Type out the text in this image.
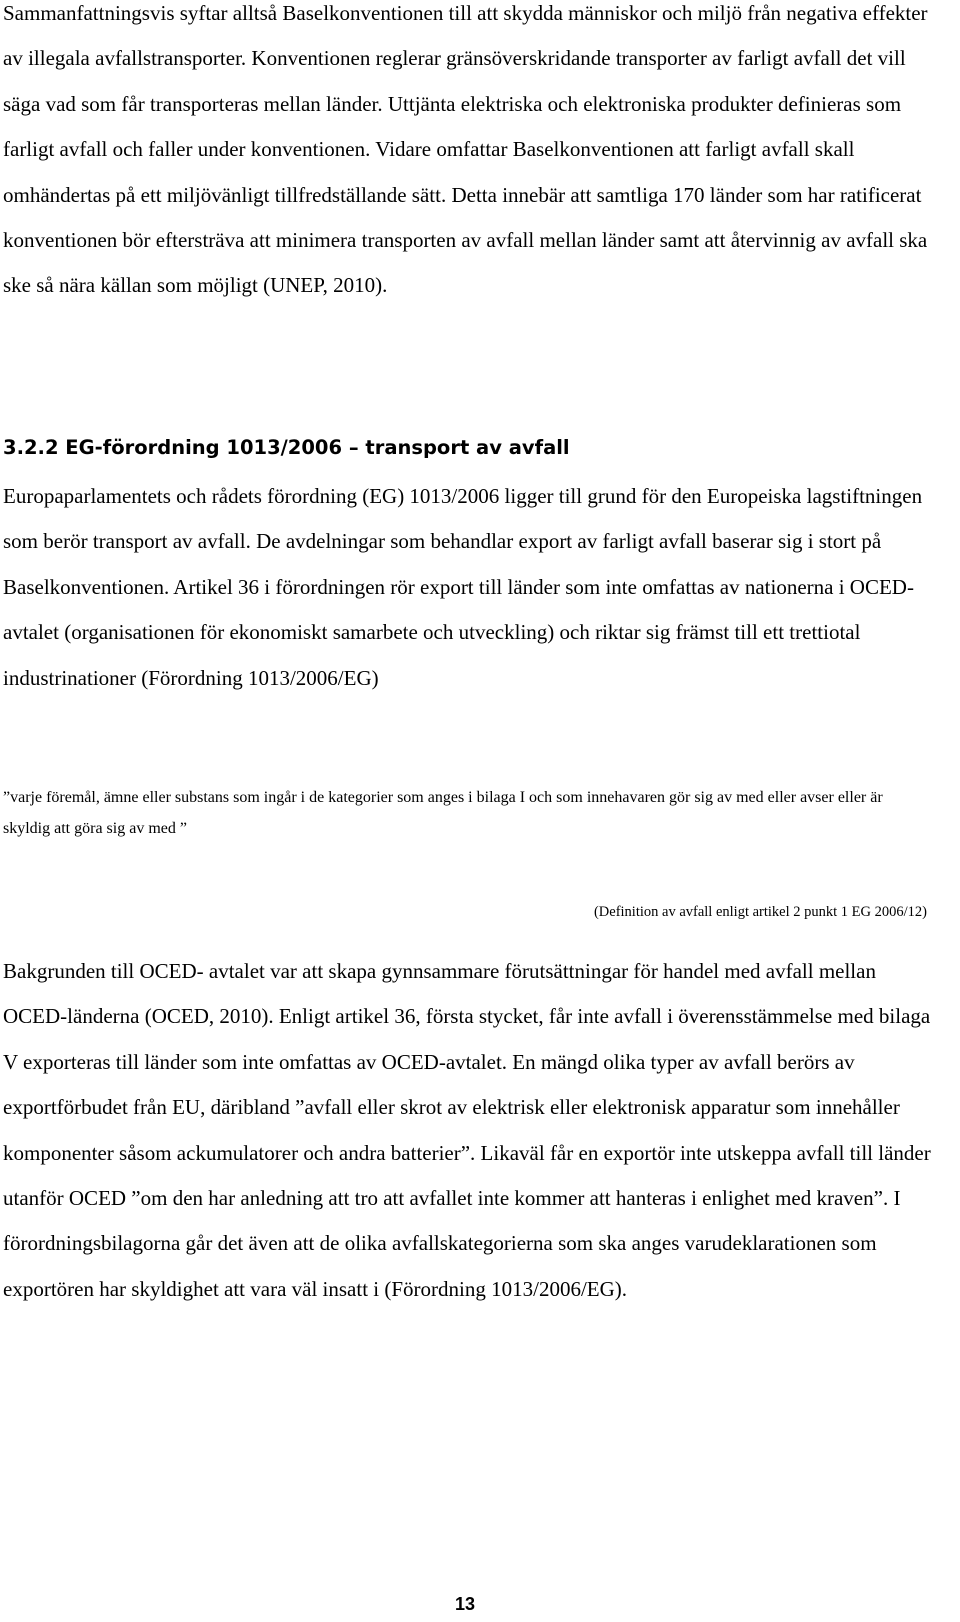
Sammanfattningsvis syftar alltså Baselkonventionen till att skydda människor och miljö från negativa effekter av illegala avfallstransporter. Konventionen reglerar gränsöverskridande transporter av farligt avfall det vill säga vad som får transporteras mellan länder. Uttjänta elektriska och elektroniska produkter definieras som farligt avfall och faller under konventionen. Vidare omfattar Baselkonventionen att farligt avfall skall omhändertas på ett miljövänligt tillfredställande sätt. Detta innebär att samtliga 170 länder som har ratificerat konventionen bör eftersträva att minimera transporten av avfall mellan länder samt att återvinnig av avfall ska ske så nära källan som möjligt (UNEP, 2010).

3.2.2 EG-förordning 1013/2006 – transport av avfall

Europaparlamentets och rådets förordning (EG) 1013/2006 ligger till grund för den Europeiska lagstiftningen som berör transport av avfall. De avdelningar som behandlar export av farligt avfall baserar sig i stort på Baselkonventionen. Artikel 36 i förordningen rör export till länder som inte omfattas av nationerna i OCED- avtalet (organisationen för ekonomiskt samarbete och utveckling) och riktar sig främst till ett trettiotal industrinationer (Förordning 1013/2006/EG)

”varje föremål, ämne eller substans som ingår i de kategorier som anges i bilaga I och som innehavaren gör sig av med eller avser eller är skyldig att göra sig av med ”

(Definition av avfall enligt artikel 2 punkt 1 EG 2006/12)

Bakgrunden till OCED- avtalet var att skapa gynnsammare förutsättningar för handel med avfall mellan OCED-länderna (OCED, 2010). Enligt artikel 36, första stycket, får inte avfall i överensstämmelse med bilaga V exporteras till länder som inte omfattas av OCED-avtalet. En mängd olika typer av avfall berörs av exportförbudet från EU, däribland ”avfall eller skrot av elektrisk eller elektronisk apparatur som innehåller komponenter såsom ackumulatorer och andra batterier”. Likaväl får en exportör inte utskeppa avfall till länder utanför OCED ”om den har anledning att tro att avfallet inte kommer att hanteras i enlighet med kraven”. I förordningsbilagorna går det även att de olika avfallskategorierna som ska anges varudeklarationen som exportören har skyldighet att vara väl insatt i (Förordning 1013/2006/EG).

13
